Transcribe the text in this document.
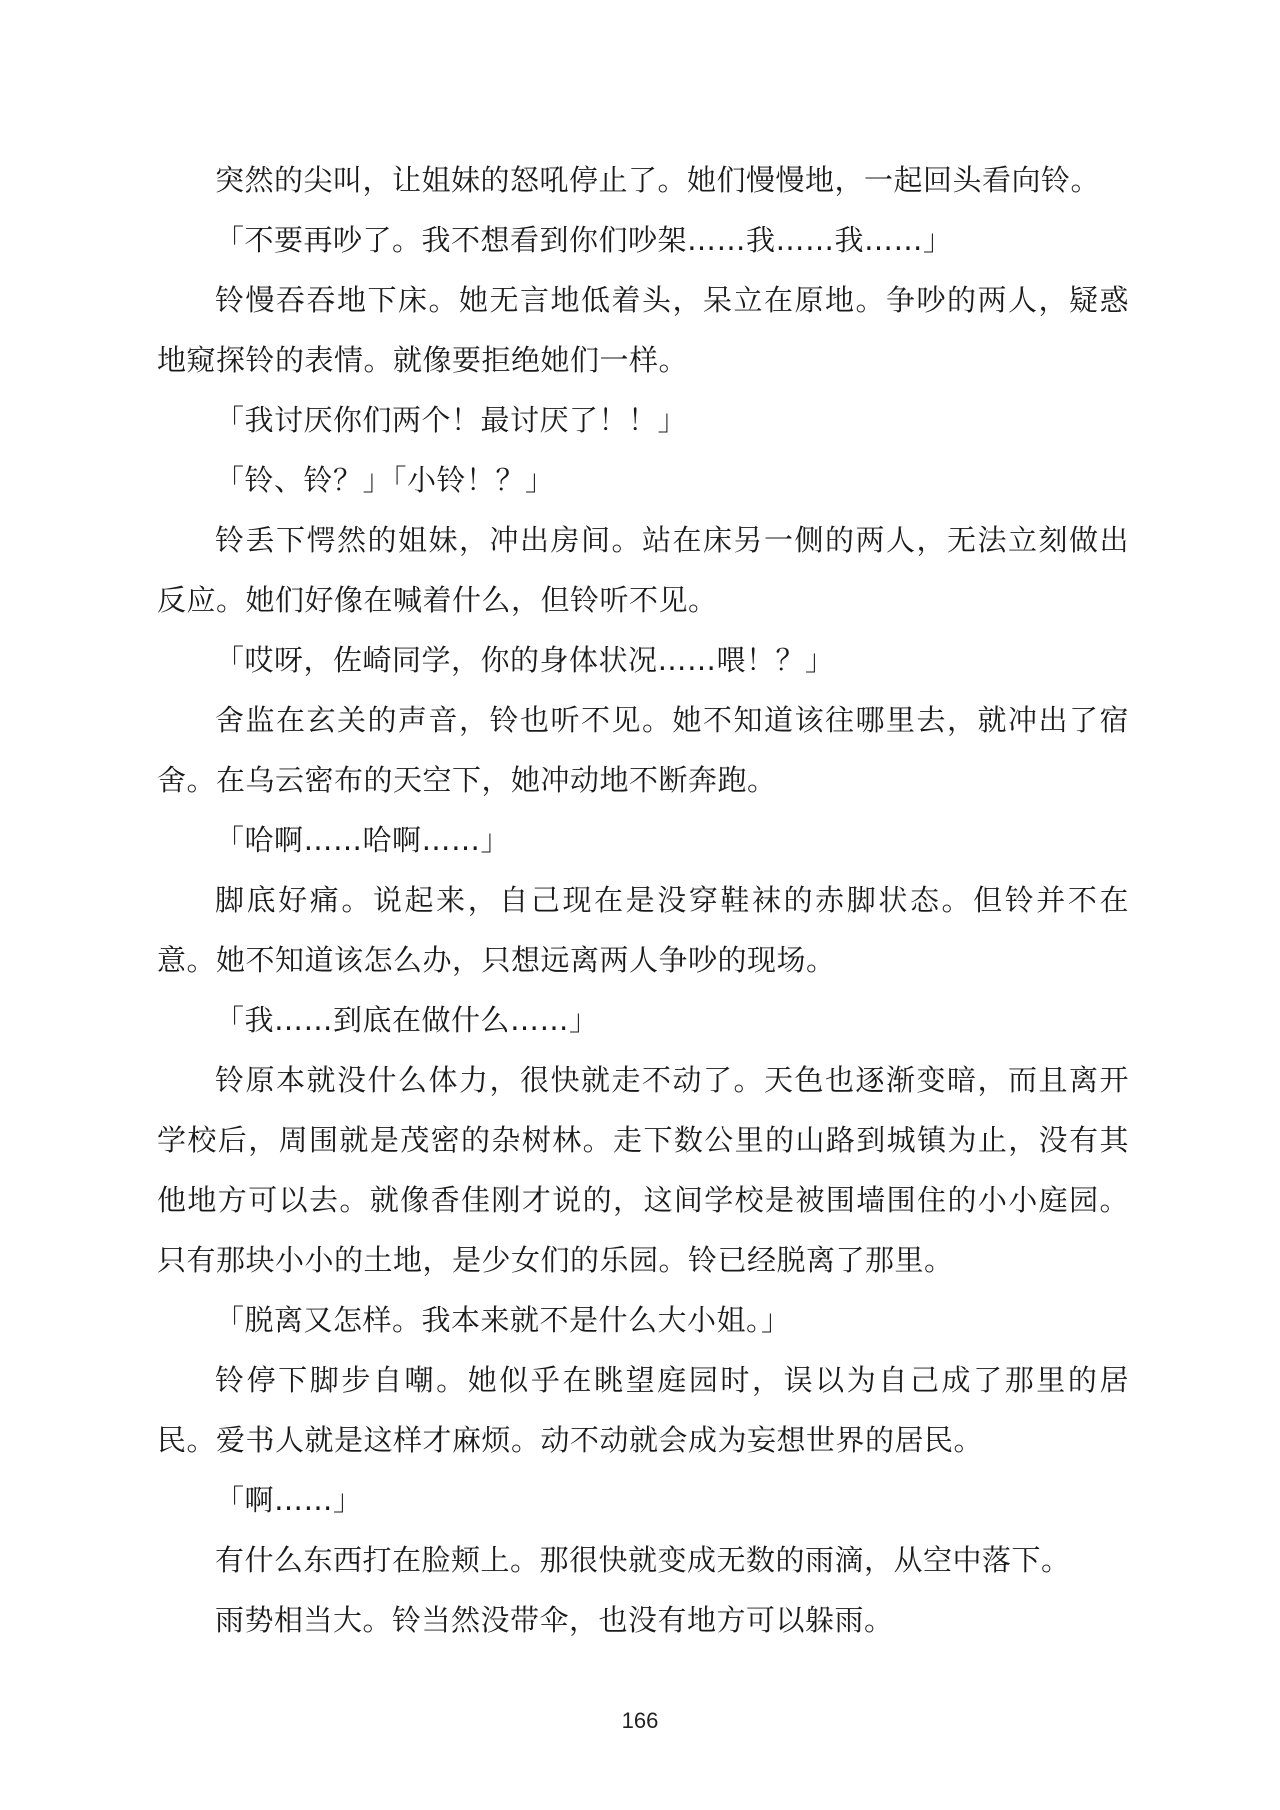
突然的尖叫，让姐妹的怒吼停止了。她们慢慢地，一起回头看向铃。

「不要再吵了。我不想看到你们吵架……我……我……」

铃慢吞吞地下床。她无言地低着头，呆立在原地。争吵的两人，疑惑地窥探铃的表情。就像要拒绝她们一样。

「我讨厌你们两个！最讨厌了！！」

「铃、铃？」「小铃！？」

铃丢下愕然的姐妹，冲出房间。站在床另一侧的两人，无法立刻做出反应。她们好像在喊着什么，但铃听不见。

「哎呀，佐崎同学，你的身体状况……喂！？」

舍监在玄关的声音，铃也听不见。她不知道该往哪里去，就冲出了宿舍。在乌云密布的天空下，她冲动地不断奔跑。

「哈啊……哈啊……」

脚底好痛。说起来，自己现在是没穿鞋袜的赤脚状态。但铃并不在意。她不知道该怎么办，只想远离两人争吵的现场。

「我……到底在做什么……」

铃原本就没什么体力，很快就走不动了。天色也逐渐变暗，而且离开学校后，周围就是茂密的杂树林。走下数公里的山路到城镇为止，没有其他地方可以去。就像香佳刚才说的，这间学校是被围墙围住的小小庭园。只有那块小小的土地，是少女们的乐园。铃已经脱离了那里。

「脱离又怎样。我本来就不是什么大小姐。」

铃停下脚步自嘲。她似乎在眺望庭园时，误以为自己成了那里的居民。爱书人就是这样才麻烦。动不动就会成为妄想世界的居民。

「啊……」

有什么东西打在脸颊上。那很快就变成无数的雨滴，从空中落下。

雨势相当大。铃当然没带伞，也没有地方可以躲雨。

166
